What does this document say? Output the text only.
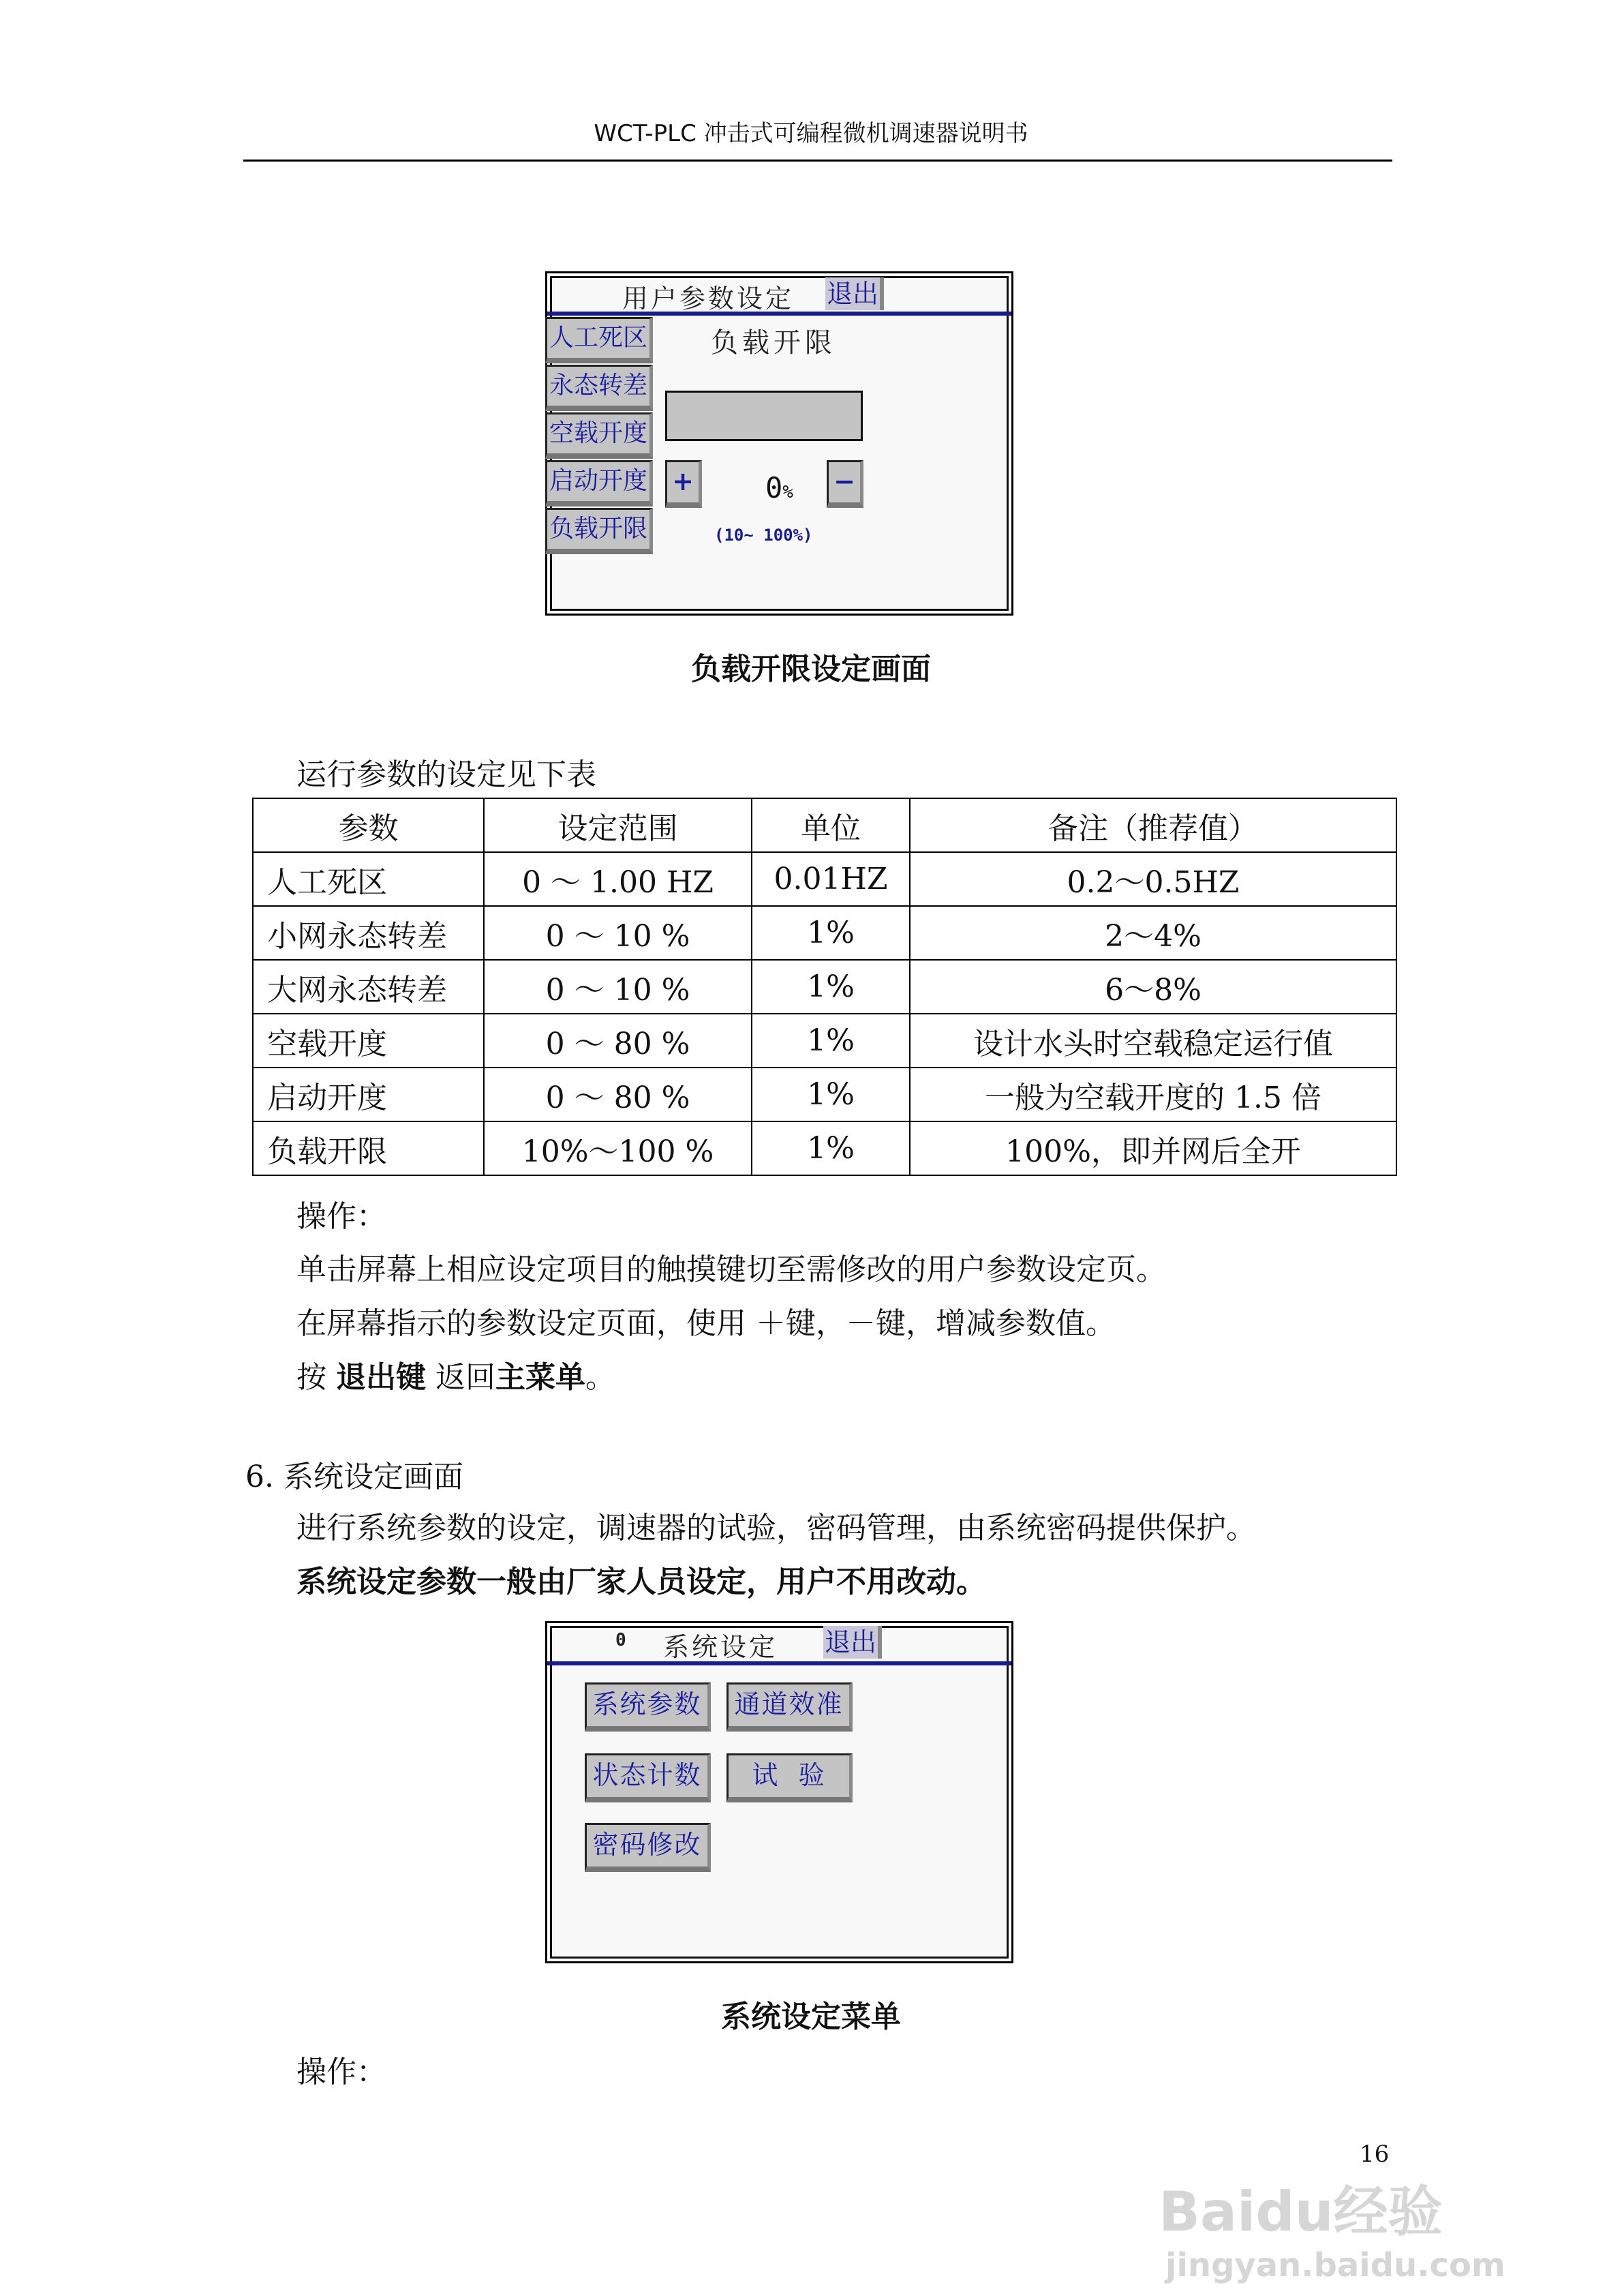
WCT-PLC 冲击式可编程微机调速器说明书
用户参数设定 退出
人工死区
永态转差
空载开度
启动开度
负载开限
负载开限
+	0% −
(10~ 100%)
负载开限设定画面
运行参数的设定见下表
参数	设定范围	单位	备注（推荐值）
人工死区	0 ～ 1.00 HZ	0.01HZ	0.2～0.5HZ
小网永态转差	0 ～ 10 %	1%	2～4%
大网永态转差	0 ～ 10 %	1%	6～8%
空载开度	0 ～ 80 %	1%	设计水头时空载稳定运行值
启动开度	0 ～ 80 %	1%	一般为空载开度的 1.5 倍
负载开限	10%～100 %	1%	100%，即并网后全开
操作：
单击屏幕上相应设定项目的触摸键切至需修改的用户参数设定页。
在屏幕指示的参数设定页面，使用 ＋键，－键，增减参数值。
按 退出键 返回主菜单。
6. 系统设定画面
进行系统参数的设定，调速器的试验，密码管理，由系统密码提供保护。
系统设定参数一般由厂家人员设定，用户不用改动。
0 系统设定 退出
系统参数	通道效准
状态计数	试  验
密码修改
系统设定菜单
操作：
16
Baidu经验
jingyan.baidu.com
